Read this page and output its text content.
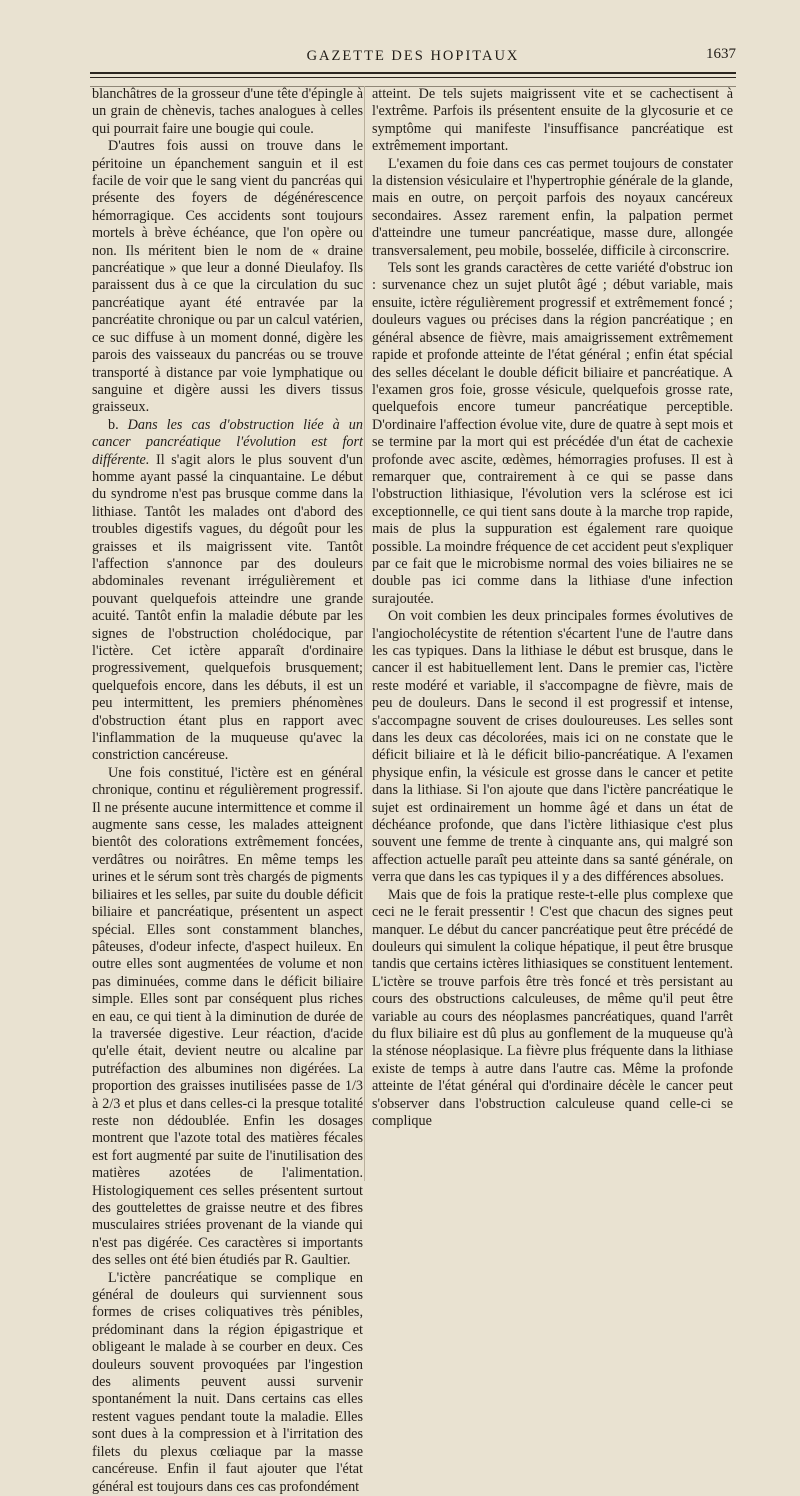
GAZETTE DES HOPITAUX	1637

blanchâtres de la grosseur d'une tête d'épingle à un grain de chènevis, taches analogues à celles qui pourrait faire une bougie qui coule.

D'autres fois aussi on trouve dans le péritoine un épanchement sanguin et il est facile de voir que le sang vient du pancréas qui présente des foyers de dégénérescence hémorragique. Ces accidents sont toujours mortels à brève échéance, que l'on opère ou non. Ils méritent bien le nom de « draine pancréatique » que leur a donné Dieulafoy. Ils paraissent dus à ce que la circulation du suc pancréatique ayant été entravée par la pancréatite chronique ou par un calcul vatérien, ce suc diffuse à un moment donné, digère les parois des vaisseaux du pancréas ou se trouve transporté à distance par voie lymphatique ou sanguine et digère aussi les divers tissus graisseux.

b. Dans les cas d'obstruction liée à un cancer pancréatique l'évolution est fort différente. Il s'agit alors le plus souvent d'un homme ayant passé la cinquantaine. Le début du syndrome n'est pas brusque comme dans la lithiase. Tantôt les malades ont d'abord des troubles digestifs vagues, du dégoût pour les graisses et ils maigrissent vite. Tantôt l'affection s'annonce par des douleurs abdominales revenant irrégulièrement et pouvant quelquefois atteindre une grande acuité. Tantôt enfin la maladie débute par les signes de l'obstruction cholédocique, par l'ictère. Cet ictère apparaît d'ordinaire progressivement, quelquefois brusquement; quelquefois encore, dans les débuts, il est un peu intermittent, les premiers phénomènes d'obstruction étant plus en rapport avec l'inflammation de la muqueuse qu'avec la constriction cancéreuse.

Une fois constitué, l'ictère est en général chronique, continu et régulièrement progressif. Il ne présente aucune intermittence et comme il augmente sans cesse, les malades atteignent bientôt des colorations extrêmement foncées, verdâtres ou noirâtres. En même temps les urines et le sérum sont très chargés de pigments biliaires et les selles, par suite du double déficit biliaire et pancréatique, présentent un aspect spécial. Elles sont constamment blanches, pâteuses, d'odeur infecte, d'aspect huileux. En outre elles sont augmentées de volume et non pas diminuées, comme dans le déficit biliaire simple. Elles sont par conséquent plus riches en eau, ce qui tient à la diminution de durée de la traversée digestive. Leur réaction, d'acide qu'elle était, devient neutre ou alcaline par putréfaction des albumines non digérées. La proportion des graisses inutilisées passe de 1/3 à 2/3 et plus et dans celles-ci la presque totalité reste non dédoublée. Enfin les dosages montrent que l'azote total des matières fécales est fort augmenté par suite de l'inutilisation des matières azotées de l'alimentation. Histologiquement ces selles présentent surtout des gouttelettes de graisse neutre et des fibres musculaires striées provenant de la viande qui n'est pas digérée. Ces caractères si importants des selles ont été bien étudiés par R. Gaultier.

L'ictère pancréatique se complique en général de douleurs qui surviennent sous formes de crises coliquatives très pénibles, prédominant dans la région épigastrique et obligeant le malade à se courber en deux. Ces douleurs souvent provoquées par l'ingestion des aliments peuvent aussi survenir spontanément la nuit. Dans certains cas elles restent vagues pendant toute la maladie. Elles sont dues à la compression et à l'irritation des filets du plexus cœliaque par la masse cancéreuse. Enfin il faut ajouter que l'état général est toujours dans ces cas profondément

atteint. De tels sujets maigrissent vite et se cachectisent à l'extrême. Parfois ils présentent ensuite de la glycosurie et ce symptôme qui manifeste l'insuffisance pancréatique est extrêmement important.

L'examen du foie dans ces cas permet toujours de constater la distension vésiculaire et l'hypertrophie générale de la glande, mais en outre, on perçoit parfois des noyaux cancéreux secondaires. Assez rarement enfin, la palpation permet d'atteindre une tumeur pancréatique, masse dure, allongée transversalement, peu mobile, bosselée, difficile à circonscrire.

Tels sont les grands caractères de cette variété d'obstruc ion : survenance chez un sujet plutôt âgé ; début variable, mais ensuite, ictère régulièrement progressif et extrêmement foncé ; douleurs vagues ou précises dans la région pancréatique ; en général absence de fièvre, mais amaigrissement extrêmement rapide et profonde atteinte de l'état général ; enfin état spécial des selles décelant le double déficit biliaire et pancréatique. A l'examen gros foie, grosse vésicule, quelquefois grosse rate, quelquefois encore tumeur pancréatique perceptible. D'ordinaire l'affection évolue vite, dure de quatre à sept mois et se termine par la mort qui est précédée d'un état de cachexie profonde avec ascite, œdèmes, hémorragies profuses. Il est à remarquer que, contrairement à ce qui se passe dans l'obstruction lithiasique, l'évolution vers la sclérose est ici exceptionnelle, ce qui tient sans doute à la marche trop rapide, mais de plus la suppuration est également rare quoique possible. La moindre fréquence de cet accident peut s'expliquer par ce fait que le microbisme normal des voies biliaires ne se double pas ici comme dans la lithiase d'une infection surajoutée.

On voit combien les deux principales formes évolutives de l'angiocholécystite de rétention s'écartent l'une de l'autre dans les cas typiques. Dans la lithiase le début est brusque, dans le cancer il est habituellement lent. Dans le premier cas, l'ictère reste modéré et variable, il s'accompagne de fièvre, mais de peu de douleurs. Dans le second il est progressif et intense, s'accompagne souvent de crises douloureuses. Les selles sont dans les deux cas décolorées, mais ici on ne constate que le déficit biliaire et là le déficit bilio-pancréatique. A l'examen physique enfin, la vésicule est grosse dans le cancer et petite dans la lithiase. Si l'on ajoute que dans l'ictère pancréatique le sujet est ordinairement un homme âgé et dans un état de déchéance profonde, que dans l'ictère lithiasique c'est plus souvent une femme de trente à cinquante ans, qui malgré son affection actuelle paraît peu atteinte dans sa santé générale, on verra que dans les cas typiques il y a des différences absolues.

Mais que de fois la pratique reste-t-elle plus complexe que ceci ne le ferait pressentir ! C'est que chacun des signes peut manquer. Le début du cancer pancréatique peut être précédé de douleurs qui simulent la colique hépatique, il peut être brusque tandis que certains ictères lithiasiques se constituent lentement. L'ictère se trouve parfois être très foncé et très persistant au cours des obstructions calculeuses, de même qu'il peut être variable au cours des néoplasmes pancréatiques, quand l'arrêt du flux biliaire est dû plus au gonflement de la muqueuse qu'à la sténose néoplasique. La fièvre plus fréquente dans la lithiase existe de temps à autre dans l'autre cas. Même la profonde atteinte de l'état général qui d'ordinaire décèle le cancer peut s'observer dans l'obstruction calculeuse quand celle-ci se complique
